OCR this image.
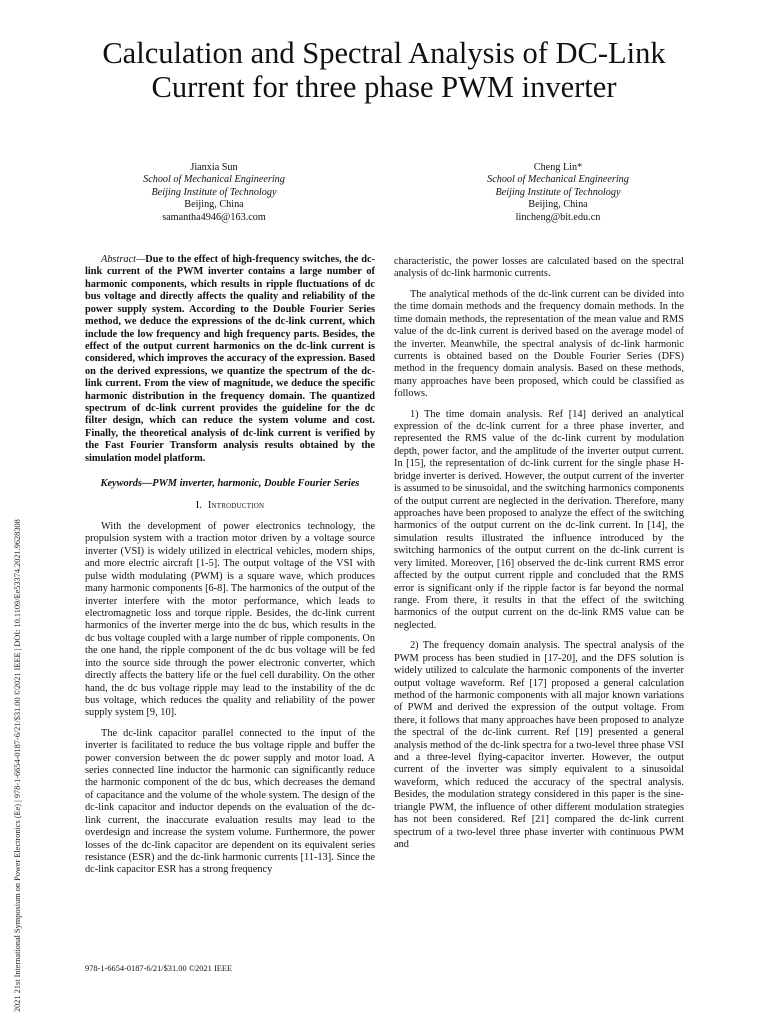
Calculation and Spectral Analysis of DC-Link Current for three phase PWM inverter
Jianxia Sun
School of Mechanical Engineering
Beijing Institute of Technology
Beijing, China
samantha4946@163.com
Cheng Lin*
School of Mechanical Engineering
Beijing Institute of Technology
Beijing, China
lincheng@bit.edu.cn
2021 21st International Symposium on Power Electronics (Ee) | 978-1-6654-0187-6/21/$31.00 ©2021 IEEE | DOI: 10.1109/Ee53374.2021.9628308
Abstract—Due to the effect of high-frequency switches, the dc-link current of the PWM inverter contains a large number of harmonic components, which results in ripple fluctuations of dc bus voltage and directly affects the quality and reliability of the power supply system. According to the Double Fourier Series method, we deduce the expressions of the dc-link current, which include the low frequency and high frequency parts. Besides, the effect of the output current harmonics on the dc-link current is considered, which improves the accuracy of the expression. Based on the derived expressions, we quantize the spectrum of the dc-link current. From the view of magnitude, we deduce the specific harmonic distribution in the frequency domain. The quantized spectrum of dc-link current provides the guideline for the dc filter design, which can reduce the system volume and cost. Finally, the theoretical analysis of dc-link current is verified by the Fast Fourier Transform analysis results obtained by the simulation model platform.
Keywords—PWM inverter, harmonic, Double Fourier Series
I. Introduction

With the development of power electronics technology, the propulsion system with a traction motor driven by a voltage source inverter (VSI) is widely utilized in electrical vehicles, modern ships, and more electric aircraft [1-5]. The output voltage of the VSI with pulse width modulating (PWM) is a square wave, which produces many harmonic components [6-8]. The harmonics of the output of the inverter interfere with the motor performance, which leads to electromagnetic loss and torque ripple. Besides, the dc-link current harmonics of the inverter merge into the dc bus, which results in the dc bus voltage coupled with a large number of ripple components. On the one hand, the ripple component of the dc bus voltage will be fed into the source side through the power electronic converter, which directly affects the battery life or the fuel cell durability. On the other hand, the dc bus voltage ripple may lead to the instability of the dc bus voltage, which reduces the quality and reliability of the power supply system [9, 10].

The dc-link capacitor parallel connected to the input of the inverter is facilitated to reduce the bus voltage ripple and buffer the power conversion between the dc power supply and motor load. A series connected line inductor the harmonic can significantly reduce the harmonic component of the dc bus, which decreases the demand of capacitance and the volume of the whole system. The design of the dc-link capacitor and inductor depends on the evaluation of the dc-link current, the inaccurate evaluation results may lead to the overdesign and increase the system volume. Furthermore, the power losses of the dc-link capacitor are dependent on its equivalent series resistance (ESR) and the dc-link harmonic currents [11-13]. Since the dc-link capacitor ESR has a strong frequency

characteristic, the power losses are calculated based on the spectral analysis of dc-link harmonic currents.

The analytical methods of the dc-link current can be divided into the time domain methods and the frequency domain methods. In the time domain methods, the representation of the mean value and RMS value of the dc-link current is derived based on the average model of the inverter. Meanwhile, the spectral analysis of dc-link harmonic currents is obtained based on the Double Fourier Series (DFS) method in the frequency domain analysis. Based on these methods, many approaches have been proposed, which could be classified as follows.

1) The time domain analysis. Ref [14] derived an analytical expression of the dc-link current for a three phase inverter, and represented the RMS value of the dc-link current by modulation depth, power factor, and the amplitude of the inverter output current. In [15], the representation of dc-link current for the single phase H-bridge inverter is derived. However, the output current of the inverter is assumed to be sinusoidal, and the switching harmonics components of the output current are neglected in the derivation. Therefore, many approaches have been proposed to analyze the effect of the switching harmonics of the output current on the dc-link current. In [14], the simulation results illustrated the influence introduced by the switching harmonics of the output current on the dc-link current is very limited. Moreover, [16] observed the dc-link current RMS error affected by the output current ripple and concluded that the RMS error is significant only if the ripple factor is far beyond the normal range. From there, it results in that the effect of the switching harmonics of the output current on the dc-link RMS value can be neglected.

2) The frequency domain analysis. The spectral analysis of the PWM process has been studied in [17-20], and the DFS solution is widely utilized to calculate the harmonic components of the inverter output voltage waveform. Ref [17] proposed a general calculation method of the harmonic components with all major known variations of PWM and derived the expression of the output voltage. From there, it follows that many approaches have been proposed to analyze the spectral of the dc-link current. Ref [19] presented a general analysis method of the dc-link spectra for a two-level three phase VSI and a three-level flying-capacitor inverter. However, the output current of the inverter was simply equivalent to a sinusoidal waveform, which reduced the accuracy of the spectral analysis. Besides, the modulation strategy considered in this paper is the sine-triangle PWM, the influence of other different modulation strategies has not been considered. Ref [21] compared the dc-link current spectrum of a two-level three phase inverter with continuous PWM and

978-1-6654-0187-6/21/$31.00 ©2021 IEEE
